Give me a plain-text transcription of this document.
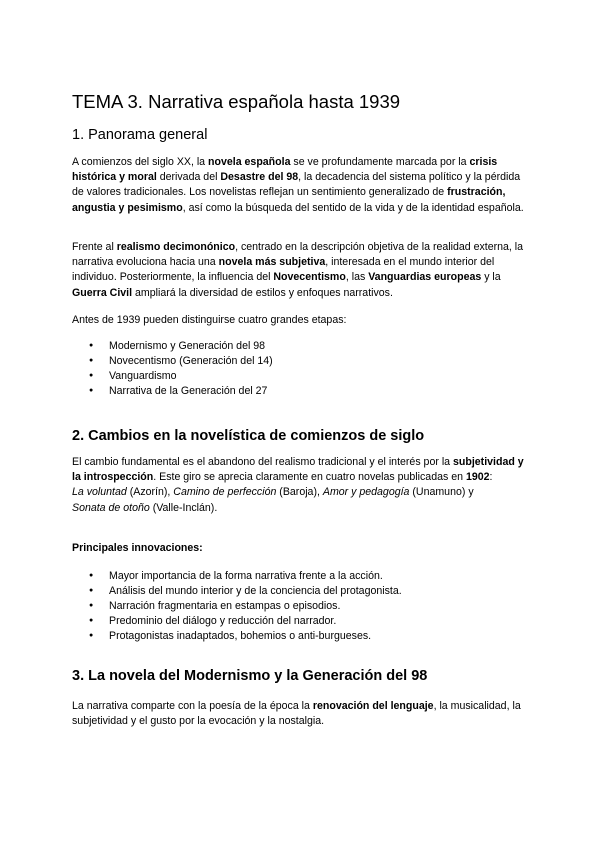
TEMA 3. Narrativa española hasta 1939
1. Panorama general

A comienzos del siglo XX, la novela española se ve profundamente marcada por la crisis histórica y moral derivada del Desastre del 98, la decadencia del sistema político y la pérdida de valores tradicionales. Los novelistas reflejan un sentimiento generalizado de frustración, angustia y pesimismo, así como la búsqueda del sentido de la vida y de la identidad española.

Frente al realismo decimonónico, centrado en la descripción objetiva de la realidad externa, la narrativa evoluciona hacia una novela más subjetiva, interesada en el mundo interior del individuo. Posteriormente, la influencia del Novecentismo, las Vanguardias europeas y la Guerra Civil ampliará la diversidad de estilos y enfoques narrativos.

Antes de 1939 pueden distinguirse cuatro grandes etapas:

● Modernismo y Generación del 98
● Novecentismo (Generación del 14)
● Vanguardismo
● Narrativa de la Generación del 27
2. Cambios en la novelística de comienzos de siglo

El cambio fundamental es el abandono del realismo tradicional y el interés por la subjetividad y la introspección. Este giro se aprecia claramente en cuatro novelas publicadas en 1902:
La voluntad (Azorín), Camino de perfección (Baroja), Amor y pedagogía (Unamuno) y
Sonata de otoño (Valle-Inclán).

Principales innovaciones:

● Mayor importancia de la forma narrativa frente a la acción.
● Análisis del mundo interior y de la conciencia del protagonista.
● Narración fragmentaria en estampas o episodios.
● Predominio del diálogo y reducción del narrador.
● Protagonistas inadaptados, bohemios o anti-burgueses.
3. La novela del Modernismo y la Generación del 98

La narrativa comparte con la poesía de la época la renovación del lenguaje, la musicalidad, la subjetividad y el gusto por la evocación y la nostalgia.
